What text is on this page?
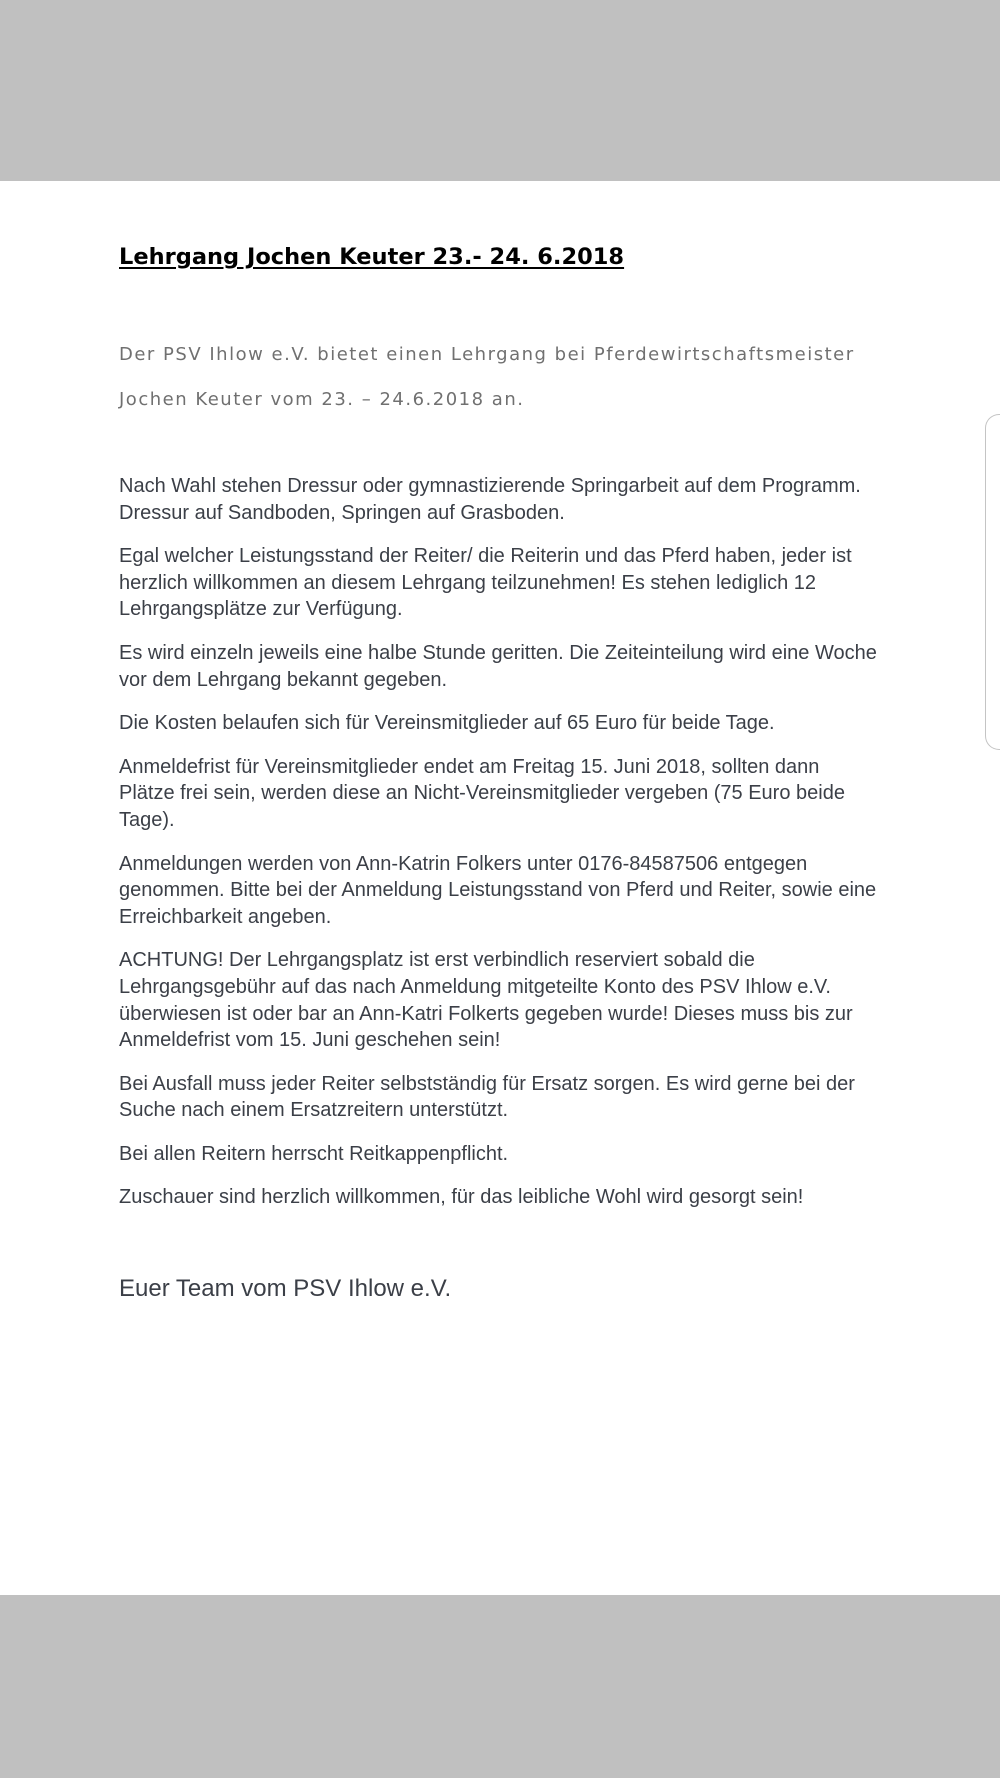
Lehrgang Jochen Keuter 23.- 24. 6.2018

Der PSV Ihlow e.V. bietet einen Lehrgang bei Pferdewirtschaftsmeister

Jochen Keuter vom 23. – 24.6.2018 an.

Nach Wahl stehen Dressur oder gymnastizierende Springarbeit auf dem Programm. Dressur auf Sandboden, Springen auf Grasboden.

Egal welcher Leistungsstand der Reiter/ die Reiterin und das Pferd haben, jeder ist herzlich willkommen an diesem Lehrgang teilzunehmen! Es stehen lediglich 12 Lehrgangsplätze zur Verfügung.

Es wird einzeln jeweils eine halbe Stunde geritten. Die Zeiteinteilung wird eine Woche vor dem Lehrgang bekannt gegeben.

Die Kosten belaufen sich für Vereinsmitglieder auf 65 Euro für beide Tage.

Anmeldefrist für Vereinsmitglieder endet am Freitag 15. Juni 2018, sollten dann Plätze frei sein, werden diese an Nicht-Vereinsmitglieder vergeben (75 Euro beide Tage).

Anmeldungen werden von Ann-Katrin Folkers unter 0176-84587506 entgegen genommen. Bitte bei der Anmeldung Leistungsstand von Pferd und Reiter, sowie eine Erreichbarkeit angeben.

ACHTUNG! Der Lehrgangsplatz ist erst verbindlich reserviert sobald die Lehrgangsgebühr auf das nach Anmeldung mitgeteilte Konto des PSV Ihlow e.V. überwiesen ist oder bar an Ann-Katri Folkerts gegeben wurde! Dieses muss bis zur Anmeldefrist vom 15. Juni geschehen sein!

Bei Ausfall muss jeder Reiter selbstständig für Ersatz sorgen. Es wird gerne bei der Suche nach einem Ersatzreitern unterstützt.

Bei allen Reitern herrscht Reitkappenpflicht.

Zuschauer sind herzlich willkommen, für das leibliche Wohl wird gesorgt sein!

Euer Team vom PSV Ihlow e.V.
